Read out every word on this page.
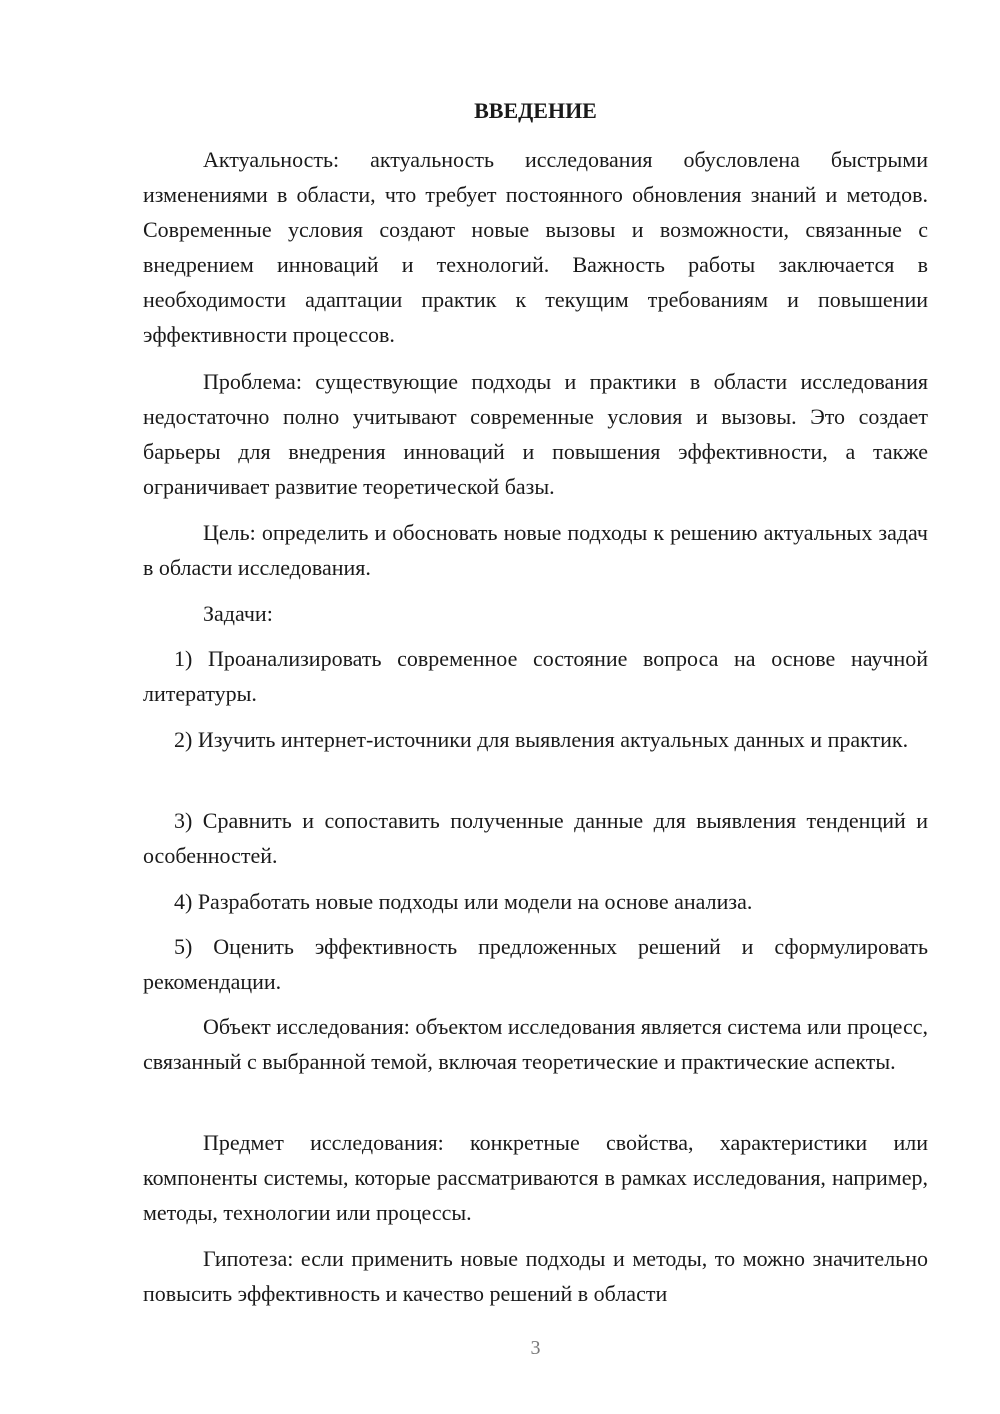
ВВЕДЕНИЕ

Актуальность: актуальность исследования обусловлена быстрыми изменениями в области, что требует постоянного обновления знаний и методов. Современные условия создают новые вызовы и возможности, связанные с внедрением инноваций и технологий. Важность работы заключается в необходимости адаптации практик к текущим требованиям и повышении эффективности процессов.

Проблема: существующие подходы и практики в области исследования недостаточно полно учитывают современные условия и вызовы. Это создает барьеры для внедрения инноваций и повышения эффективности, а также ограничивает развитие теоретической базы.

Цель: определить и обосновать новые подходы к решению актуальных задач в области исследования.

Задачи:

1) Проанализировать современное состояние вопроса на основе научной литературы.

2) Изучить интернет-источники для выявления актуальных данных и практик.

3) Сравнить и сопоставить полученные данные для выявления тенденций и особенностей.

4) Разработать новые подходы или модели на основе анализа.

5) Оценить эффективность предложенных решений и сформулировать рекомендации.

Объект исследования: объектом исследования является система или процесс, связанный с выбранной темой, включая теоретические и практические аспекты.

Предмет исследования: конкретные свойства, характеристики или компоненты системы, которые рассматриваются в рамках исследования, например, методы, технологии или процессы.

Гипотеза: если применить новые подходы и методы, то можно значительно повысить эффективность и качество решений в области

3
